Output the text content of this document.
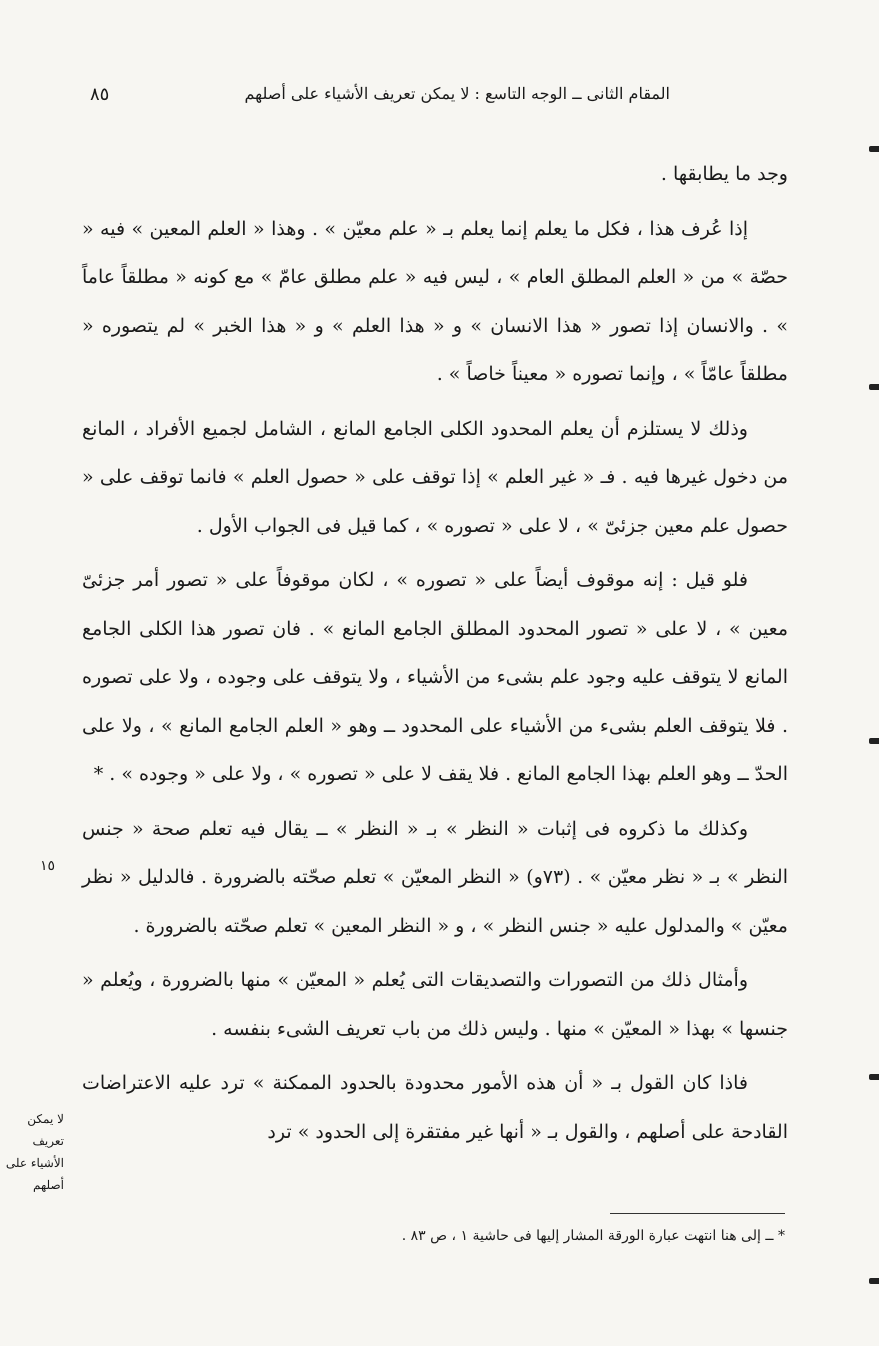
المقام الثانى ــ الوجه التاسع : لا يمكن تعريف الأشياء على أصلهم
٨٥

وجد ما يطابقها .

إذا عُرف هذا ، فكل ما يعلم إنما يعلم بـ « علم معيّن » . وهذا « العلم المعين » فيه « حصّة » من « العلم المطلق العام » ، ليس فيه « علم مطلق عامّ » مع كونه « مطلقاً عاماً » . والانسان إذا تصور « هذا الانسان » و « هذا العلم » و « هذا الخبر » لم يتصوره « مطلقاً عامّاً » ، وإنما تصوره « معيناً خاصاً » .

وذلك لا يستلزم أن يعلم المحدود الكلى الجامع المانع ، الشامل لجميع الأفراد ، المانع من دخول غيرها فيه . فـ « غير العلم » إذا توقف على « حصول العلم » فانما توقف على « حصول علم معين جزئىّ » ، لا على « تصوره » ، كما قيل فى الجواب الأول .

فلو قيل : إنه موقوف أيضاً على « تصوره » ، لكان موقوفاً على « تصور أمر جزئىّ معين » ، لا على « تصور المحدود المطلق الجامع المانع » . فان تصور هذا الكلى الجامع المانع لا يتوقف عليه وجود علم بشىء من الأشياء ، ولا يتوقف على وجوده ، ولا على تصوره . فلا يتوقف العلم بشىء من الأشياء على المحدود ــ وهو « العلم الجامع المانع » ، ولا على الحدّ ــ وهو العلم بهذا الجامع المانع . فلا يقف لا على « تصوره » ، ولا على « وجوده » . *

وكذلك ما ذكروه فى إثبات « النظر » بـ « النظر » ــ يقال فيه تعلم صحة « جنس النظر » بـ « نظر معيّن » . (٧٣و) « النظر المعيّن » تعلم صحّته بالضرورة . فالدليل « نظر معيّن » والمدلول عليه « جنس النظر » ، و « النظر المعين » تعلم صحّته بالضرورة .

وأمثال ذلك من التصورات والتصديقات التى يُعلم « المعيّن » منها بالضرورة ، ويُعلم « جنسها » بهذا « المعيّن » منها . وليس ذلك من باب تعريف الشىء بنفسه .

فاذا كان القول بـ « أن هذه الأمور محدودة بالحدود الممكنة » ترد عليه الاعتراضات القادحة على أصلهم ، والقول بـ « أنها غير مفتقرة إلى الحدود » ترد

١٥
لا يمكن تعريف الأشياء على أصلهم
* ــ إلى هنا انتهت عبارة الورقة المشار إليها فى حاشية ١ ، ص ٨٣ .
